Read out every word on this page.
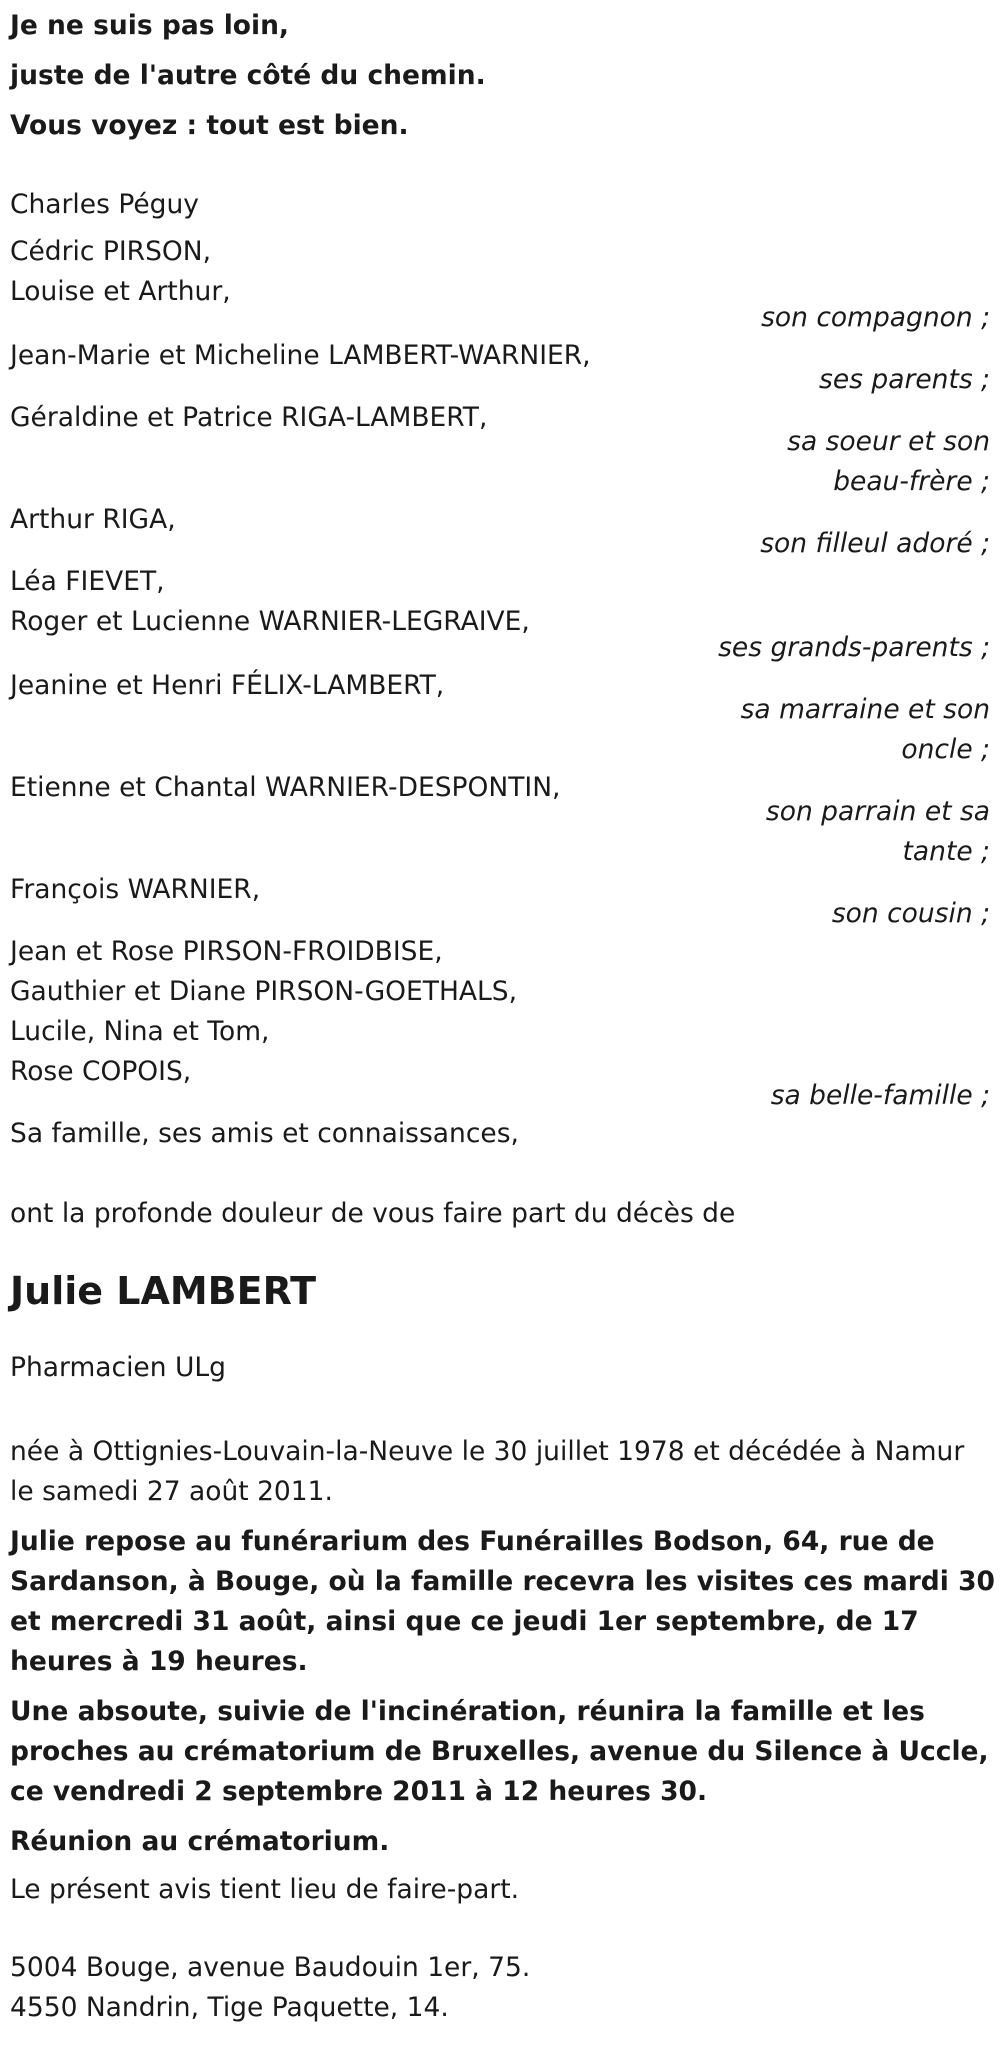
Je ne suis pas loin,
juste de l'autre côté du chemin.
Vous voyez : tout est bien.
Charles Péguy
Cédric PIRSON,
Louise et Arthur,
son compagnon ;
Jean-Marie et Micheline LAMBERT-WARNIER,
ses parents ;
Géraldine et Patrice RIGA-LAMBERT,
sa soeur et son
beau-frère ;
Arthur RIGA,
son filleul adoré ;
Léa FIEVET,
Roger et Lucienne WARNIER-LEGRAIVE,
ses grands-parents ;
Jeanine et Henri FÉLIX-LAMBERT,
sa marraine et son
oncle ;
Etienne et Chantal WARNIER-DESPONTIN,
son parrain et sa
tante ;
François WARNIER,
son cousin ;
Jean et Rose PIRSON-FROIDBISE,
Gauthier et Diane PIRSON-GOETHALS,
Lucile, Nina et Tom,
Rose COPOIS,
sa belle-famille ;
Sa famille, ses amis et connaissances,
ont la profonde douleur de vous faire part du décès de
Julie LAMBERT
Pharmacien ULg
née à Ottignies-Louvain-la-Neuve le 30 juillet 1978 et décédée à Namur le samedi 27 août 2011.
Julie repose au funérarium des Funérailles Bodson, 64, rue de Sardanson, à Bouge, où la famille recevra les visites ces mardi 30 et mercredi 31 août, ainsi que ce jeudi 1er septembre, de 17 heures à 19 heures.
Une absoute, suivie de l'incinération, réunira la famille et les proches au crématorium de Bruxelles, avenue du Silence à Uccle, ce vendredi 2 septembre 2011 à 12 heures 30.
Réunion au crématorium.
Le présent avis tient lieu de faire-part.
5004 Bouge, avenue Baudouin 1er, 75.
4550 Nandrin, Tige Paquette, 14.
